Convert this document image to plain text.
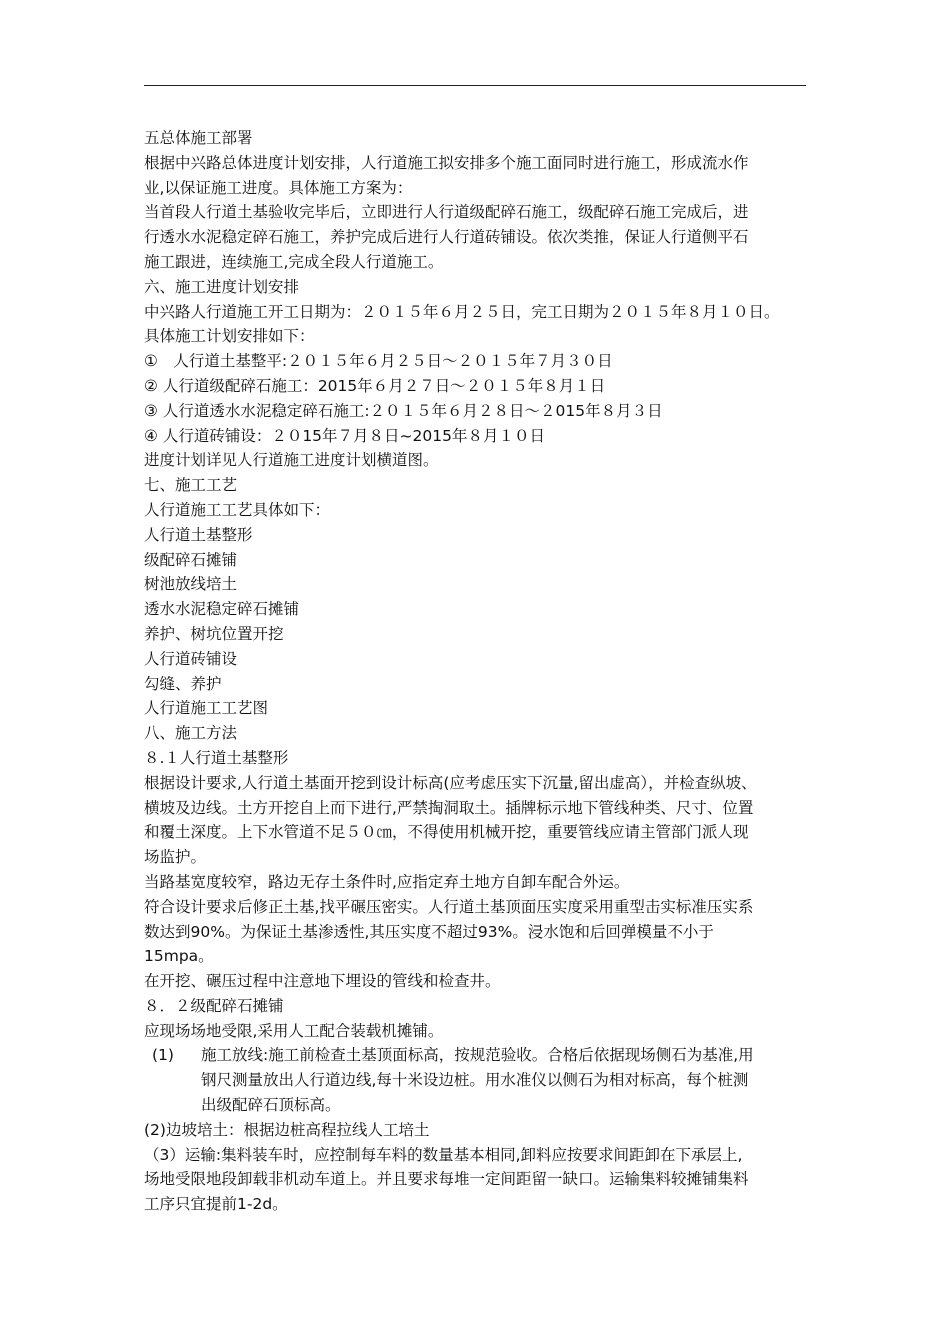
五总体施工部署
根据中兴路总体进度计划安排，人行道施工拟安排多个施工面同时进行施工，形成流水作
业,以保证施工进度。具体施工方案为：
当首段人行道土基验收完毕后，立即进行人行道级配碎石施工，级配碎石施工完成后，进
行透水水泥稳定碎石施工，养护完成后进行人行道砖铺设。依次类推，保证人行道侧平石
施工跟进，连续施工,完成全段人行道施工。
六、施工进度计划安排
中兴路人行道施工开工日期为：２０１５年６月２５日，完工日期为２０１５年８月１０日。
具体施工计划安排如下：
①　人行道土基整平:２０１５年６月２５日～２０１５年７月３０日
② 人行道级配碎石施工：2015年６月２７日～２０１５年８月１日
③ 人行道透水水泥稳定碎石施工:２０１５年６月２８日～２015年８月３日
④ 人行道砖铺设：２０15年７月８日~2015年８月１０日
进度计划详见人行道施工进度计划横道图。
七、施工工艺
人行道施工工艺具体如下：
人行道土基整形
级配碎石摊铺
树池放线培土
透水水泥稳定碎石摊铺
养护、树坑位置开挖
人行道砖铺设
勾缝、养护
人行道施工工艺图
八、施工方法
８.１人行道土基整形
根据设计要求,人行道土基面开挖到设计标高(应考虑压实下沉量,留出虚高），并检查纵坡、
横坡及边线。土方开挖自上而下进行,严禁掏洞取土。插牌标示地下管线种类、尺寸、位置
和覆土深度。上下水管道不足５０㎝，不得使用机械开挖，重要管线应请主管部门派人现
场监护。
当路基宽度较窄，路边无存土条件时,应指定弃土地方自卸车配合外运。
符合设计要求后修正土基,找平碾压密实。人行道土基顶面压实度采用重型击实标准压实系
数达到90%。为保证土基渗透性,其压实度不超过93%。浸水饱和后回弹模量不小于
15mpa。
在开挖、碾压过程中注意地下埋设的管线和检查井。
８．２级配碎石摊铺
应现场场地受限,采用人工配合装载机摊铺。
(1) 施工放线:施工前检查土基顶面标高，按规范验收。合格后依据现场侧石为基准,用
钢尺测量放出人行道边线,每十米设边桩。用水准仪以侧石为相对标高，每个桩测
出级配碎石顶标高。
(2)边坡培土：根据边桩高程拉线人工培土
（3）运输:集料装车时，应控制每车料的数量基本相同,卸料应按要求间距卸在下承层上,
场地受限地段卸载非机动车道上。并且要求每堆一定间距留一缺口。运输集料较摊铺集料
工序只宜提前1-2d。
